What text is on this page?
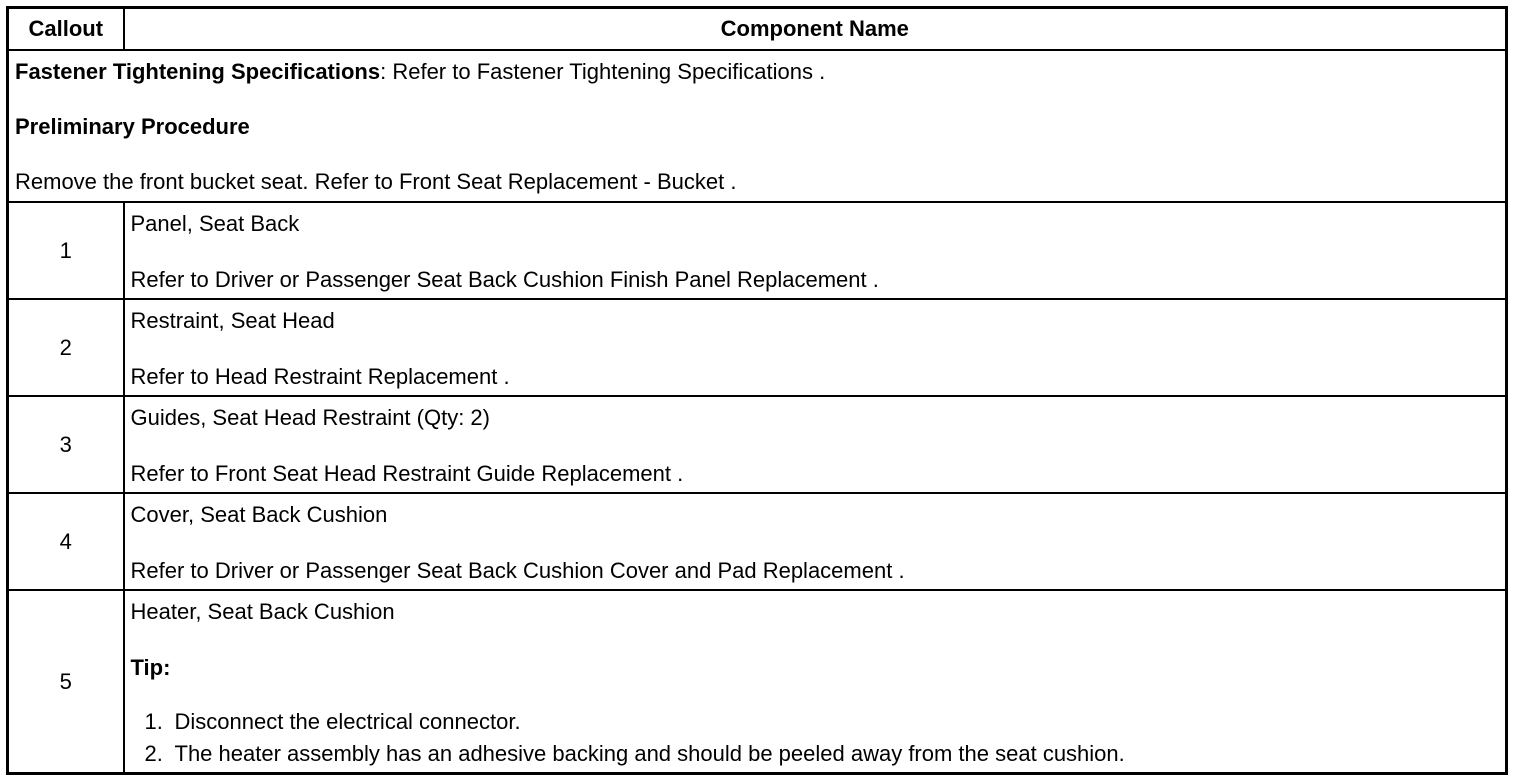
Callout	Component Name

Fastener Tightening Specifications: Refer to Fastener Tightening Specifications .

Preliminary Procedure

Remove the front bucket seat. Refer to Front Seat Replacement - Bucket .	

1	Panel, Seat Back
Refer to Driver or Passenger Seat Back Cushion Finish Panel Replacement .

2	Restraint, Seat Head
Refer to Head Restraint Replacement .

3	Guides, Seat Head Restraint (Qty: 2)
Refer to Front Seat Head Restraint Guide Replacement .

4	Cover, Seat Back Cushion
Refer to Driver or Passenger Seat Back Cushion Cover and Pad Replacement .

5	Heater, Seat Back Cushion
Tip:
1. Disconnect the electrical connector.
2. The heater assembly has an adhesive backing and should be peeled away from the seat cushion.
